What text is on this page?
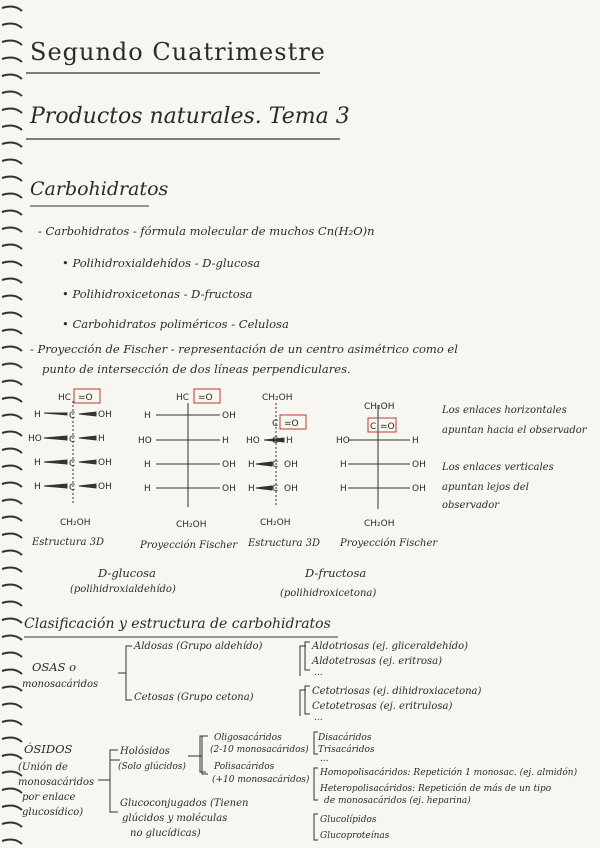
Segundo Cuatrimestre
Productos naturales. Tema 3
Carbohidratos
- Carbohidratos - fórmula molecular de muchos Cn(H₂O)n
• Polihidroxialdehídos - D-glucosa
• Polihidroxicetonas - D-fructosa
• Carbohidratos poliméricos - Celulosa
- Proyección de Fischer - representación de un centro asimétrico como el
punto de intersección de dos líneas perpendiculares.
HC =O
C
H	OH
C
HO	H
C
H	OH
C
H	OH
CH₂OH
HC =O
H	OH
HO	H
H	OH
H	OH
CH₂OH
CH₂OH
C =O
HO C H
H C OH
H C OH
CH₂OH
CH₂OH
C =O
HO	H
H	OH
H	OH
CH₂OH
Los enlaces horizontales
apuntan hacia el observador
Los enlaces verticales
apuntan lejos del
observador
Estructura 3D	Proyección Fischer Estructura 3D Proyección Fischer
D-glucosa
(polihidroxialdehído)
D-fructosa
(polihidroxicetona)
Clasificación y estructura de carbohidratos
OSAS o
monosacáridos
Aldosas (Grupo aldehído)
Cetosas (Grupo cetona)
Aldotriosas (ej. gliceraldehído)
Aldotetrosas (ej. eritrosa)
...
Cetotriosas (ej. dihidroxiacetona)
Cetotetrosas (ej. eritrulosa)
...
ÓSIDOS
(Unión de
monosacáridos
por enlace
glucosídico)
Holósidos
(Solo glúcidos)
Oligosacáridos
(2-10 monosacáridos)
Polisacáridos
(+10 monosacáridos)
Disacáridos
Trisacáridos
...
Homopolisacáridos: Repetición 1 monosac. (ej. almidón)
Heteropolisacáridos: Repetición de más de un tipo
de monosacáridos (ej. heparina)
Glucoconjugados (Tienen
glúcidos y moléculas
no glucídicas)
Glucolípidos
Glucoproteínas
